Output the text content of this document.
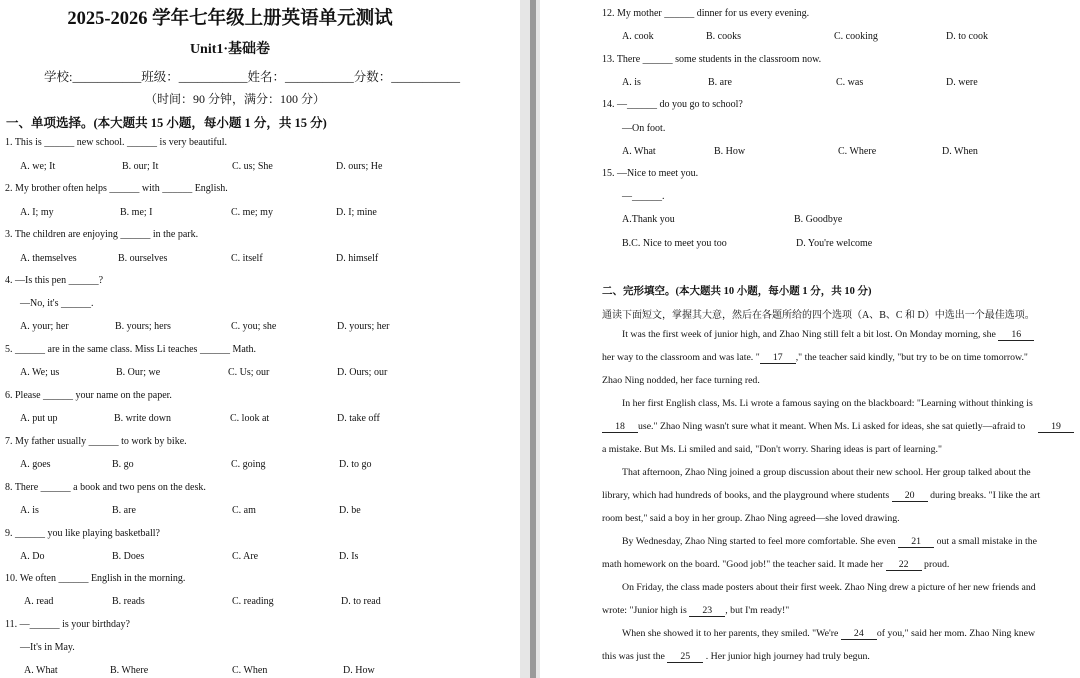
2025-2026 学年七年级上册英语单元测试
Unit1·基础卷
学校:___________班级：___________姓名：___________分数：___________
（时间：90 分钟，满分：100 分）
一、单项选择。(本大题共 15 小题，每小题 1 分，共 15 分)
1. This is ______ new school. ______ is very beautiful.
A. we; It	B. our; It	C. us; She	D. ours; He
2. My brother often helps ______ with ______ English.
A. I; my	B. me; I	C. me; my	D. I; mine
3. The children are enjoying ______ in the park.
A. themselves	B. ourselves	C. itself	D. himself
4. —Is this pen ______?
—No, it's ______.
A. your; her	B. yours; hers	C. you; she	D. yours; her
5. ______ are in the same class. Miss Li teaches ______ Math.
A. We; us	B. Our; we	C. Us; our	D. Ours; our
6. Please ______ your name on the paper.
A. put up	B. write down	C. look at	D. take off
7. My father usually ______ to work by bike.
A. goes	B. go	C. going	D. to go
8. There ______ a book and two pens on the desk.
A. is	B. are	C. am	D. be
9. ______ you like playing basketball?
A. Do	B. Does	C. Are	D. Is
10. We often ______ English in the morning.
A. read	B. reads	C. reading	D. to read
11. —______ is your birthday?
—It's in May.
A. What	B. Where	C. When	D. How
12. My mother ______ dinner for us every evening.
A. cook	B. cooks	C. cooking	D. to cook
13. There ______ some students in the classroom now.
A. is	B. are	C. was	D. were
14. —______ do you go to school?
—On foot.
A. What	B. How	C. Where	D. When
15. —Nice to meet you.
—______.
A.Thank you	B. Goodbye
B.C. Nice to meet you too	D. You're welcome
二、完形填空。(本大题共 10 小题，每小题 1 分，共 10 分)
通读下面短文，掌握其大意，然后在各题所给的四个选项（A、B、C 和 D）中选出一个最佳选项。
It was the first week of junior high, and Zhao Ning still felt a bit lost. On Monday morning, she 16
her way to the classroom and was late. " 17 ," the teacher said kindly, "but try to be on time tomorrow."
Zhao Ning nodded, her face turning red.
In her first English class, Ms. Li wrote a famous saying on the blackboard: "Learning without thinking is
18 use." Zhao Ning wasn't sure what it meant. When Ms. Li asked for ideas, she sat quietly—afraid to	19
a mistake. But Ms. Li smiled and said, "Don't worry. Sharing ideas is part of learning."
That afternoon, Zhao Ning joined a group discussion about their new school. Her group talked about the
library, which had hundreds of books, and the playground where students 20 during breaks. "I like the art
room best," said a boy in her group. Zhao Ning agreed—she loved drawing.
By Wednesday, Zhao Ning started to feel more comfortable. She even 21 out a small mistake in the
math homework on the board. "Good job!" the teacher said. It made her 22 proud.
On Friday, the class made posters about their first week. Zhao Ning drew a picture of her new friends and
wrote: "Junior high is 23 , but I'm ready!"
When she showed it to her parents, they smiled. "We're 24 of you," said her mom. Zhao Ning knew
this was just the 25 . Her junior high journey had truly begun.
